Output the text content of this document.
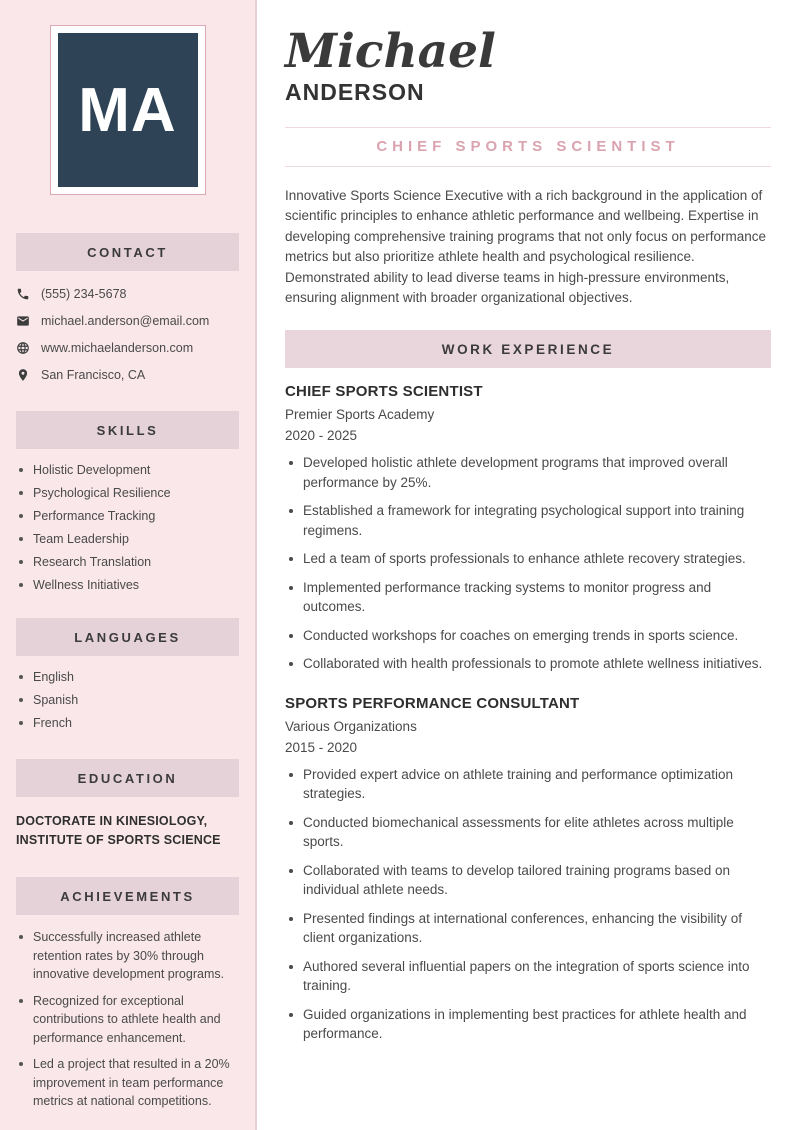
MA
CONTACT
(555) 234-5678
michael.anderson@email.com
www.michaelanderson.com
San Francisco, CA
SKILLS
Holistic Development
Psychological Resilience
Performance Tracking
Team Leadership
Research Translation
Wellness Initiatives
LANGUAGES
English
Spanish
French
EDUCATION
DOCTORATE IN KINESIOLOGY,
INSTITUTE OF SPORTS SCIENCE
ACHIEVEMENTS
Successfully increased athlete retention rates by 30% through innovative development programs.
Recognized for exceptional contributions to athlete health and performance enhancement.
Led a project that resulted in a 20% improvement in team performance metrics at national competitions.
Michael
ANDERSON
CHIEF SPORTS SCIENTIST

Innovative Sports Science Executive with a rich background in the application of scientific principles to enhance athletic performance and wellbeing. Expertise in developing comprehensive training programs that not only focus on performance metrics but also prioritize athlete health and psychological resilience. Demonstrated ability to lead diverse teams in high-pressure environments, ensuring alignment with broader organizational objectives.

WORK EXPERIENCE
CHIEF SPORTS SCIENTIST
Premier Sports Academy
2020 - 2025
Developed holistic athlete development programs that improved overall performance by 25%.
Established a framework for integrating psychological support into training regimens.
Led a team of sports professionals to enhance athlete recovery strategies.
Implemented performance tracking systems to monitor progress and outcomes.
Conducted workshops for coaches on emerging trends in sports science.
Collaborated with health professionals to promote athlete wellness initiatives.
SPORTS PERFORMANCE CONSULTANT
Various Organizations
2015 - 2020
Provided expert advice on athlete training and performance optimization strategies.
Conducted biomechanical assessments for elite athletes across multiple sports.
Collaborated with teams to develop tailored training programs based on individual athlete needs.
Presented findings at international conferences, enhancing the visibility of client organizations.
Authored several influential papers on the integration of sports science into training.
Guided organizations in implementing best practices for athlete health and performance.
